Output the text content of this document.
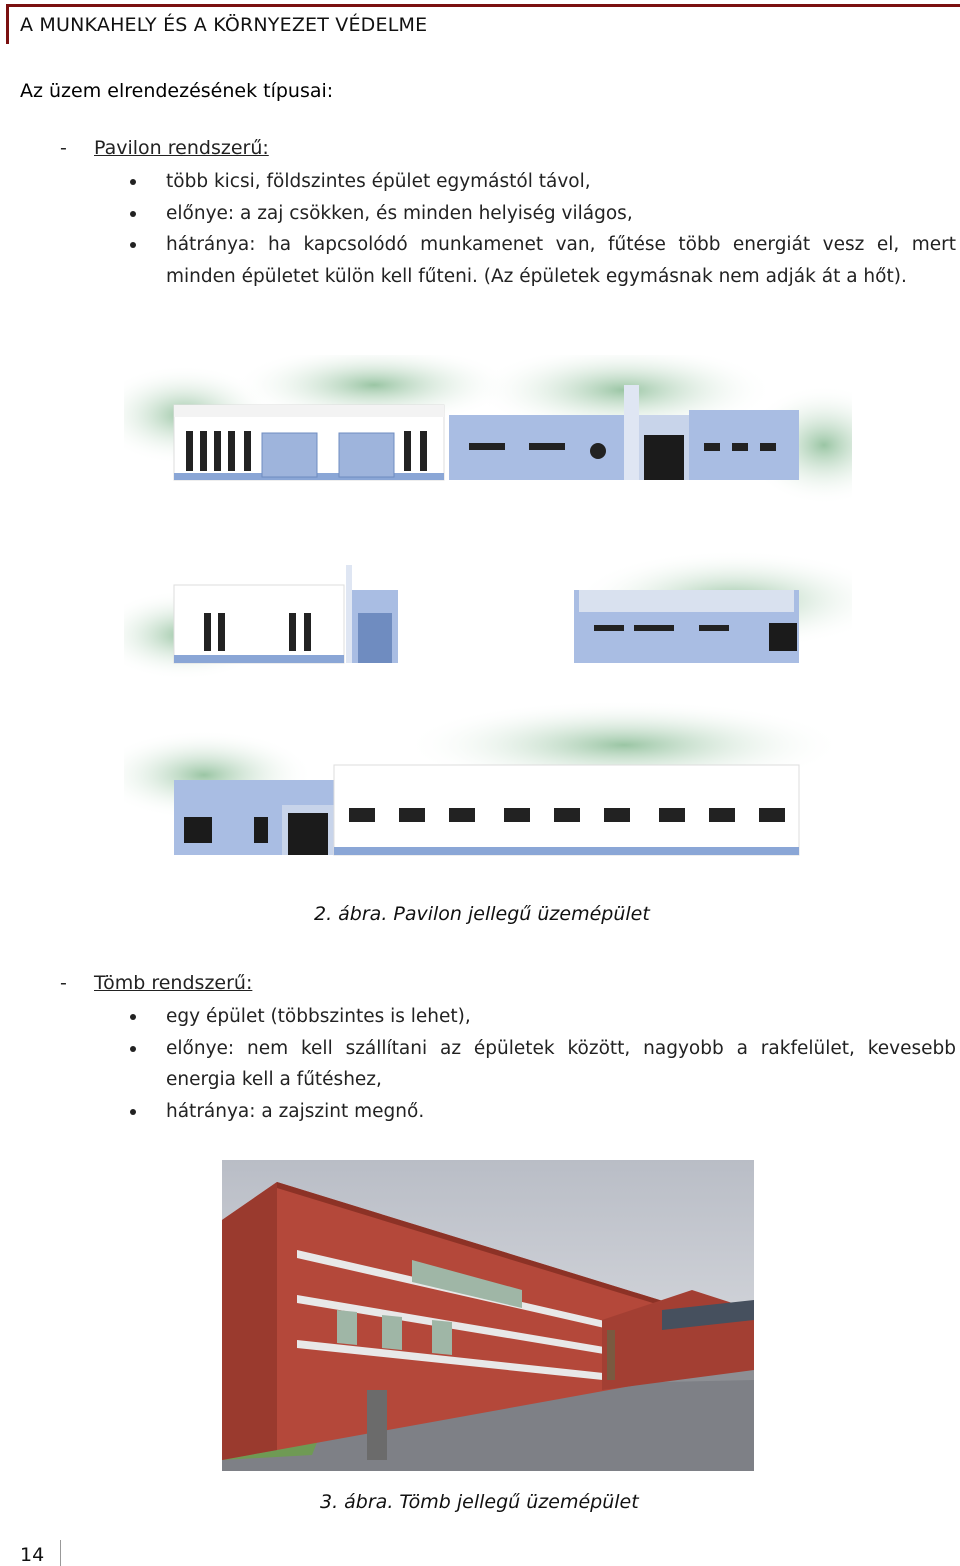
A MUNKAHELY ÉS A KÖRNYEZET VÉDELME
Az üzem elrendezésének típusai:
- Pavilon rendszerű:
több kicsi, földszintes épület egymástól távol,
előnye: a zaj csökken, és minden helyiség világos,
hátránya: ha kapcsolódó munkamenet van, fűtése több energiát vesz el, mert minden épületet külön kell fűteni. (Az épületek egymásnak nem adják át a hőt).
2. ábra. Pavilon jellegű üzemépület
- Tömb rendszerű:
egy épület (többszintes is lehet),
előnye: nem kell szállítani az épületek között, nagyobb a rakfelület, kevesebb energia kell a fűtéshez,
hátránya: a zajszint megnő.
3. ábra. Tömb jellegű üzemépület
14
